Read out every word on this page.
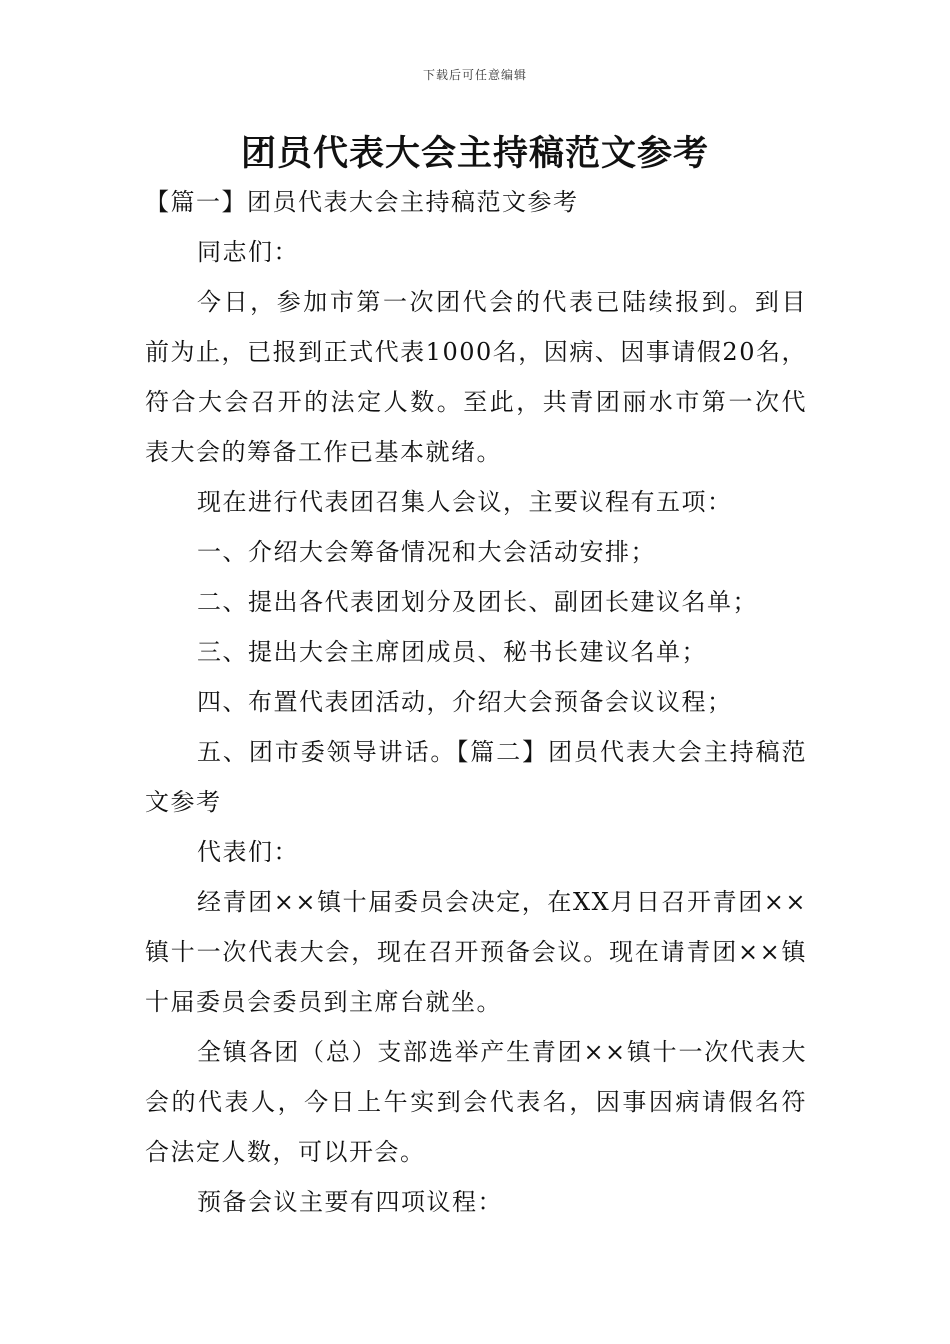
下载后可任意编辑
团员代表大会主持稿范文参考

【篇一】团员代表大会主持稿范文参考

同志们：

今日，参加市第一次团代会的代表已陆续报到。到目前为止，已报到正式代表1000名，因病、因事请假20名，符合大会召开的法定人数。至此，共青团丽水市第一次代表大会的筹备工作已基本就绪。

现在进行代表团召集人会议，主要议程有五项：

一、介绍大会筹备情况和大会活动安排；

二、提出各代表团划分及团长、副团长建议名单；

三、提出大会主席团成员、秘书长建议名单；

四、布置代表团活动，介绍大会预备会议议程；

五、团市委领导讲话。【篇二】团员代表大会主持稿范文参考

代表们：

经青团××镇十届委员会决定，在XX月日召开青团××镇十一次代表大会，现在召开预备会议。现在请青团××镇十届委员会委员到主席台就坐。

全镇各团（总）支部选举产生青团××镇十一次代表大会的代表人，今日上午实到会代表名，因事因病请假名符合法定人数，可以开会。

预备会议主要有四项议程：
